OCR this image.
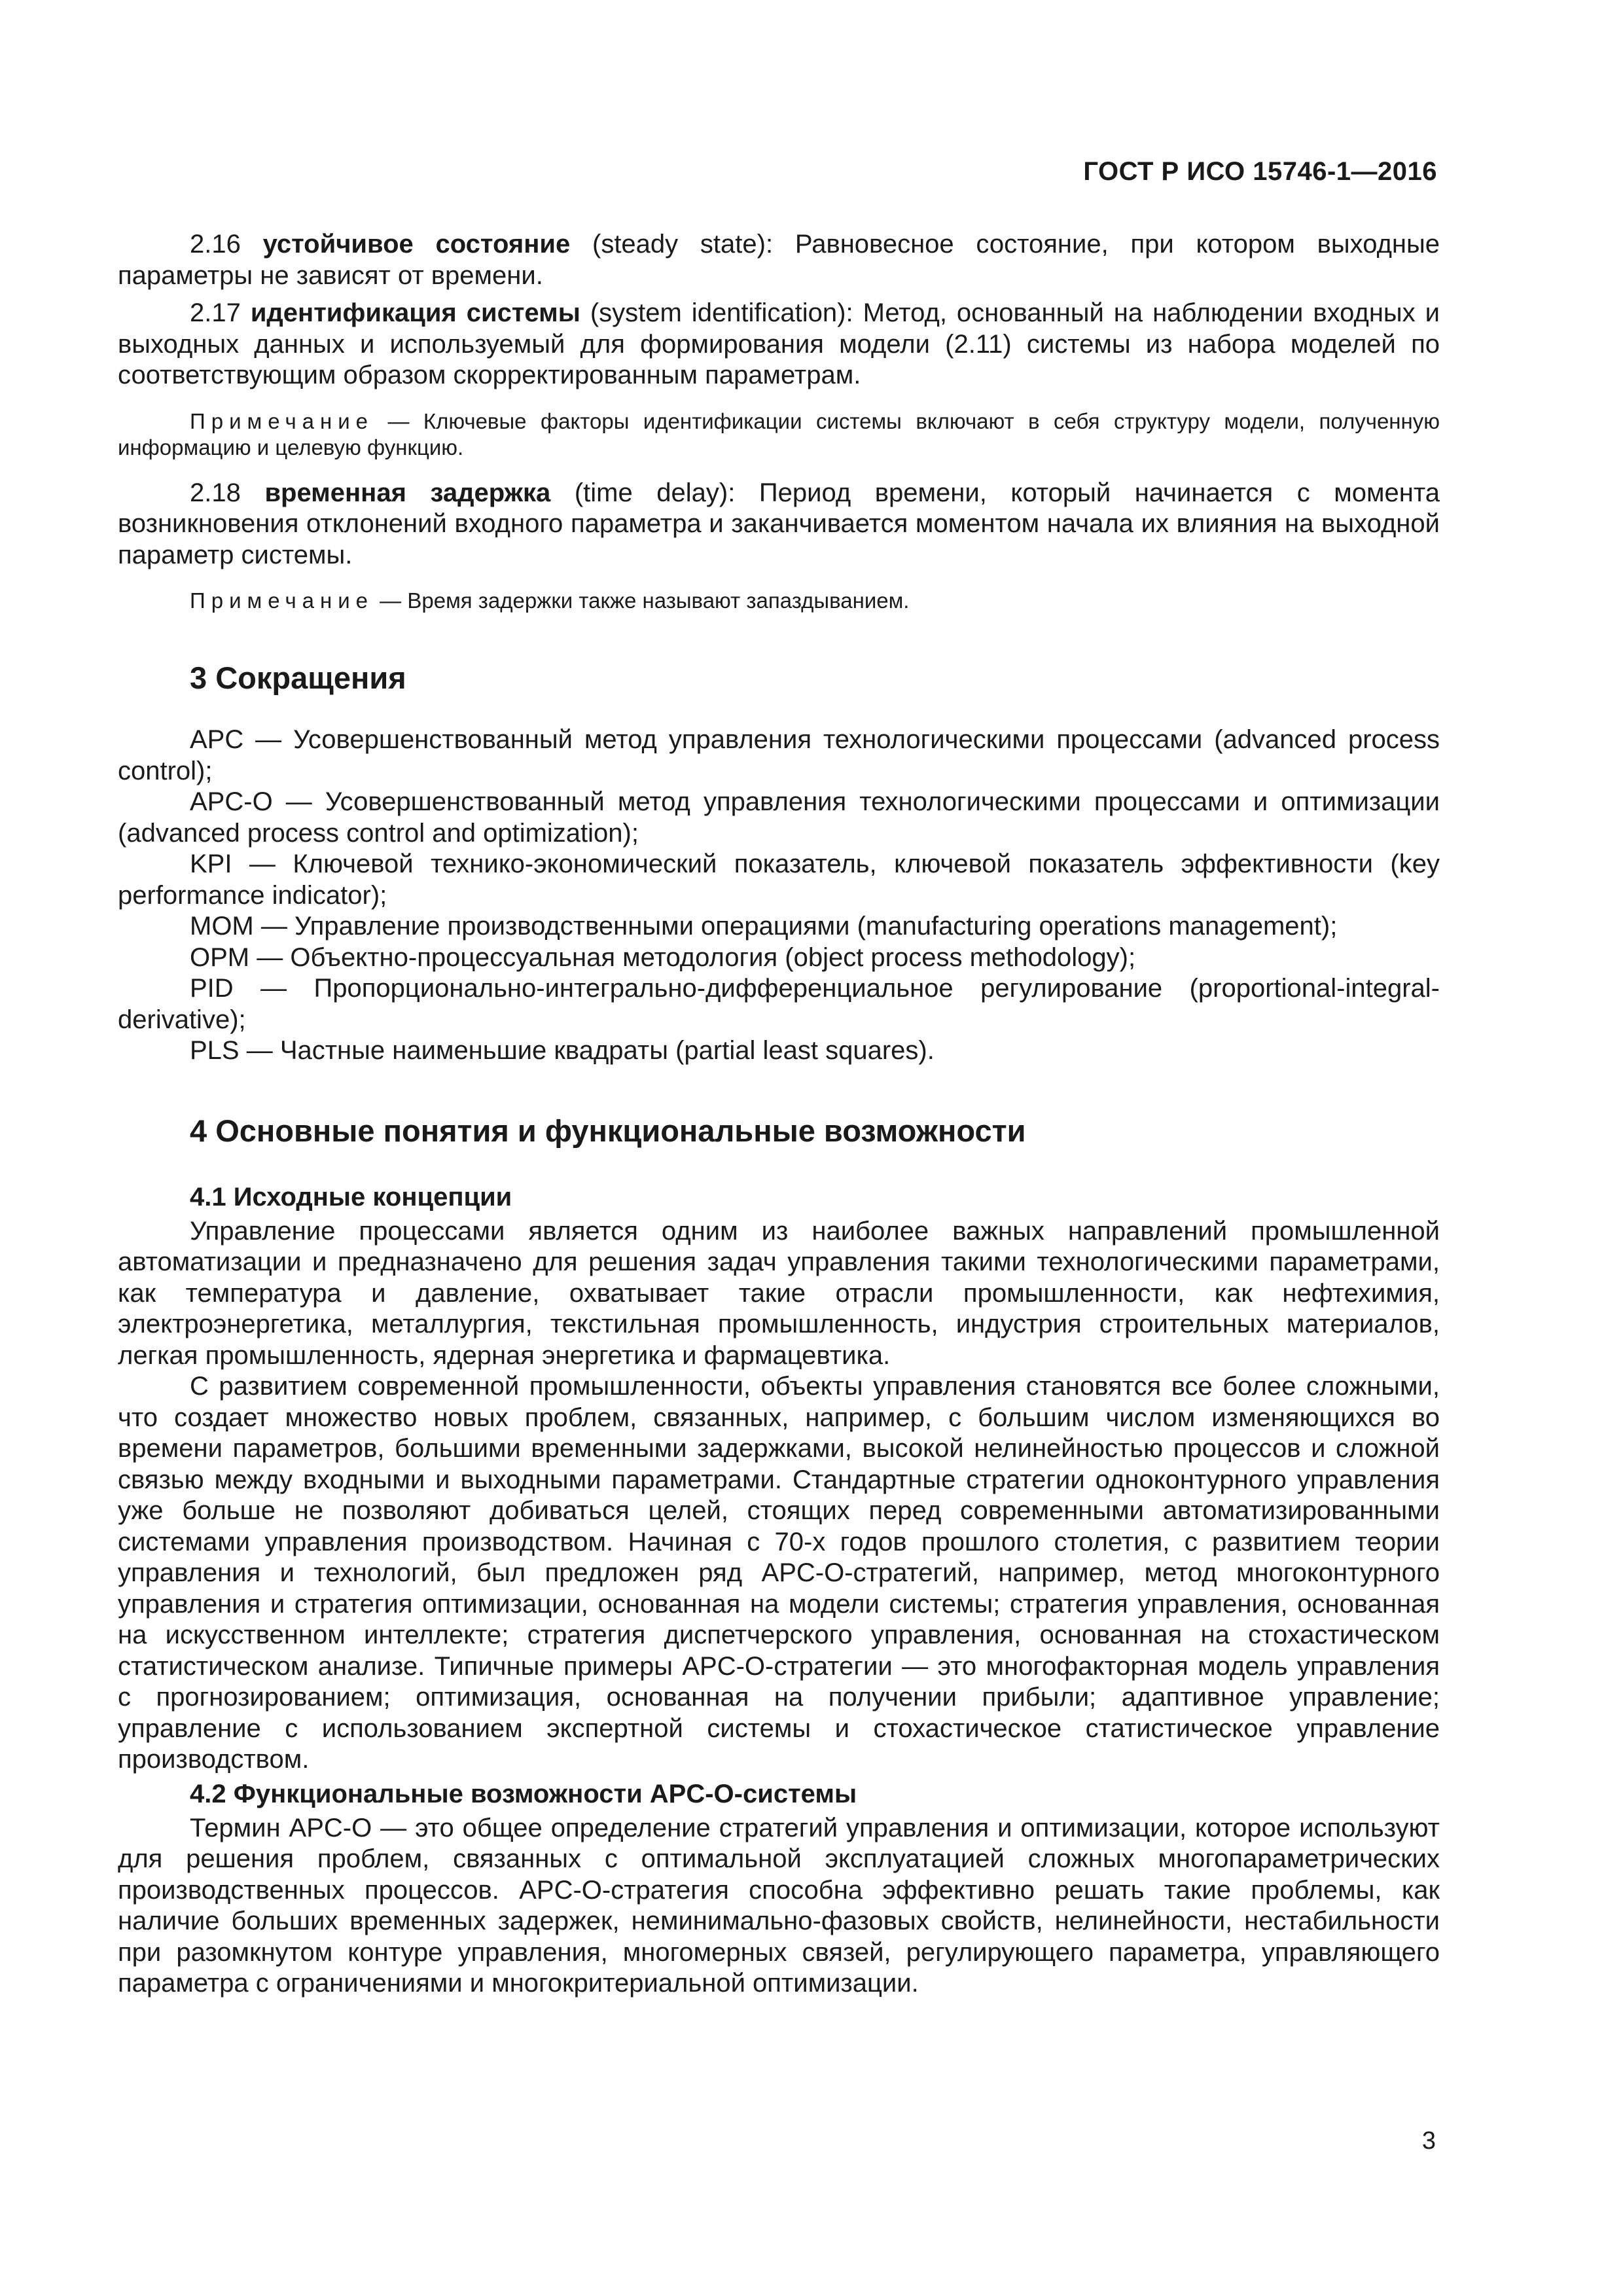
ГОСТ Р ИСО 15746-1—2016

2.16 устойчивое состояние (steady state): Равновесное состояние, при котором выходные параметры не зависят от времени.

2.17 идентификация системы (system identification): Метод, основанный на наблюдении входных и выходных данных и используемый для формирования модели (2.11) системы из набора моделей по соответствующим образом скорректированным параметрам.

Примечание — Ключевые факторы идентификации системы включают в себя структуру модели, полученную информацию и целевую функцию.

2.18 временная задержка (time delay): Период времени, который начинается с момента возникновения отклонений входного параметра и заканчивается моментом начала их влияния на выходной параметр системы.

Примечание — Время задержки также называют запаздыванием.

3 Сокращения

APC — Усовершенствованный метод управления технологическими процессами (advanced process control);

APC-O — Усовершенствованный метод управления технологическими процессами и оптимизации (advanced process control and optimization);

KPI — Ключевой технико-экономический показатель, ключевой показатель эффективности (key performance indicator);

MOM — Управление производственными операциями (manufacturing operations management);

OPM — Объектно-процессуальная методология (object process methodology);

PID — Пропорционально-интегрально-дифференциальное регулирование (proportional-integral-derivative);

PLS — Частные наименьшие квадраты (partial least squares).

4 Основные понятия и функциональные возможности
4.1 Исходные концепции

Управление процессами является одним из наиболее важных направлений промышленной автоматизации и предназначено для решения задач управления такими технологическими параметрами, как температура и давление, охватывает такие отрасли промышленности, как нефтехимия, электроэнергетика, металлургия, текстильная промышленность, индустрия строительных материалов, легкая промышленность, ядерная энергетика и фармацевтика.

С развитием современной промышленности, объекты управления становятся все более сложными, что создает множество новых проблем, связанных, например, с большим числом изменяющихся во времени параметров, большими временными задержками, высокой нелинейностью процессов и сложной связью между входными и выходными параметрами. Стандартные стратегии одноконтурного управления уже больше не позволяют добиваться целей, стоящих перед современными автоматизированными системами управления производством. Начиная с 70-х годов прошлого столетия, с развитием теории управления и технологий, был предложен ряд APC-O-стратегий, например, метод многоконтурного управления и стратегия оптимизации, основанная на модели системы; стратегия управления, основанная на искусственном интеллекте; стратегия диспетчерского управления, основанная на стохастическом статистическом анализе. Типичные примеры APC-O-стратегии — это многофакторная модель управления с прогнозированием; оптимизация, основанная на получении прибыли; адаптивное управление; управление с использованием экспертной системы и стохастическое статистическое управление производством.

4.2 Функциональные возможности APC-O-системы

Термин APC-O — это общее определение стратегий управления и оптимизации, которое используют для решения проблем, связанных с оптимальной эксплуатацией сложных многопараметрических производственных процессов. APC-O-стратегия способна эффективно решать такие проблемы, как наличие больших временных задержек, неминимально-фазовых свойств, нелинейности, нестабильности при разомкнутом контуре управления, многомерных связей, регулирующего параметра, управляющего параметра с ограничениями и многокритериальной оптимизации.

3
